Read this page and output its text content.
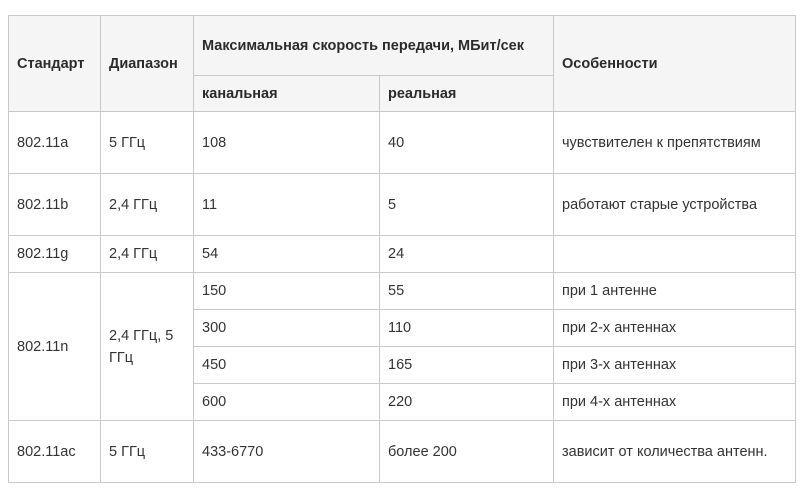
Стандарт	Диапазон	Максимальная скорость передачи, МБит/сек		Особенности
		канальная	реальная	
802.11a	5 ГГц	108	40	чувствителен к препятствиям
802.11b	2,4 ГГц	11	5	работают старые устройства
802.11g	2,4 ГГц	54	24	
802.11n	2,4 ГГц, 5 ГГц	150	55	при 1 антенне
		300	110	при 2-х антеннах
		450	165	при 3-х антеннах
		600	220	при 4-х антеннах
802.11ac	5 ГГц	433-6770	более 200	зависит от количества антенн.
